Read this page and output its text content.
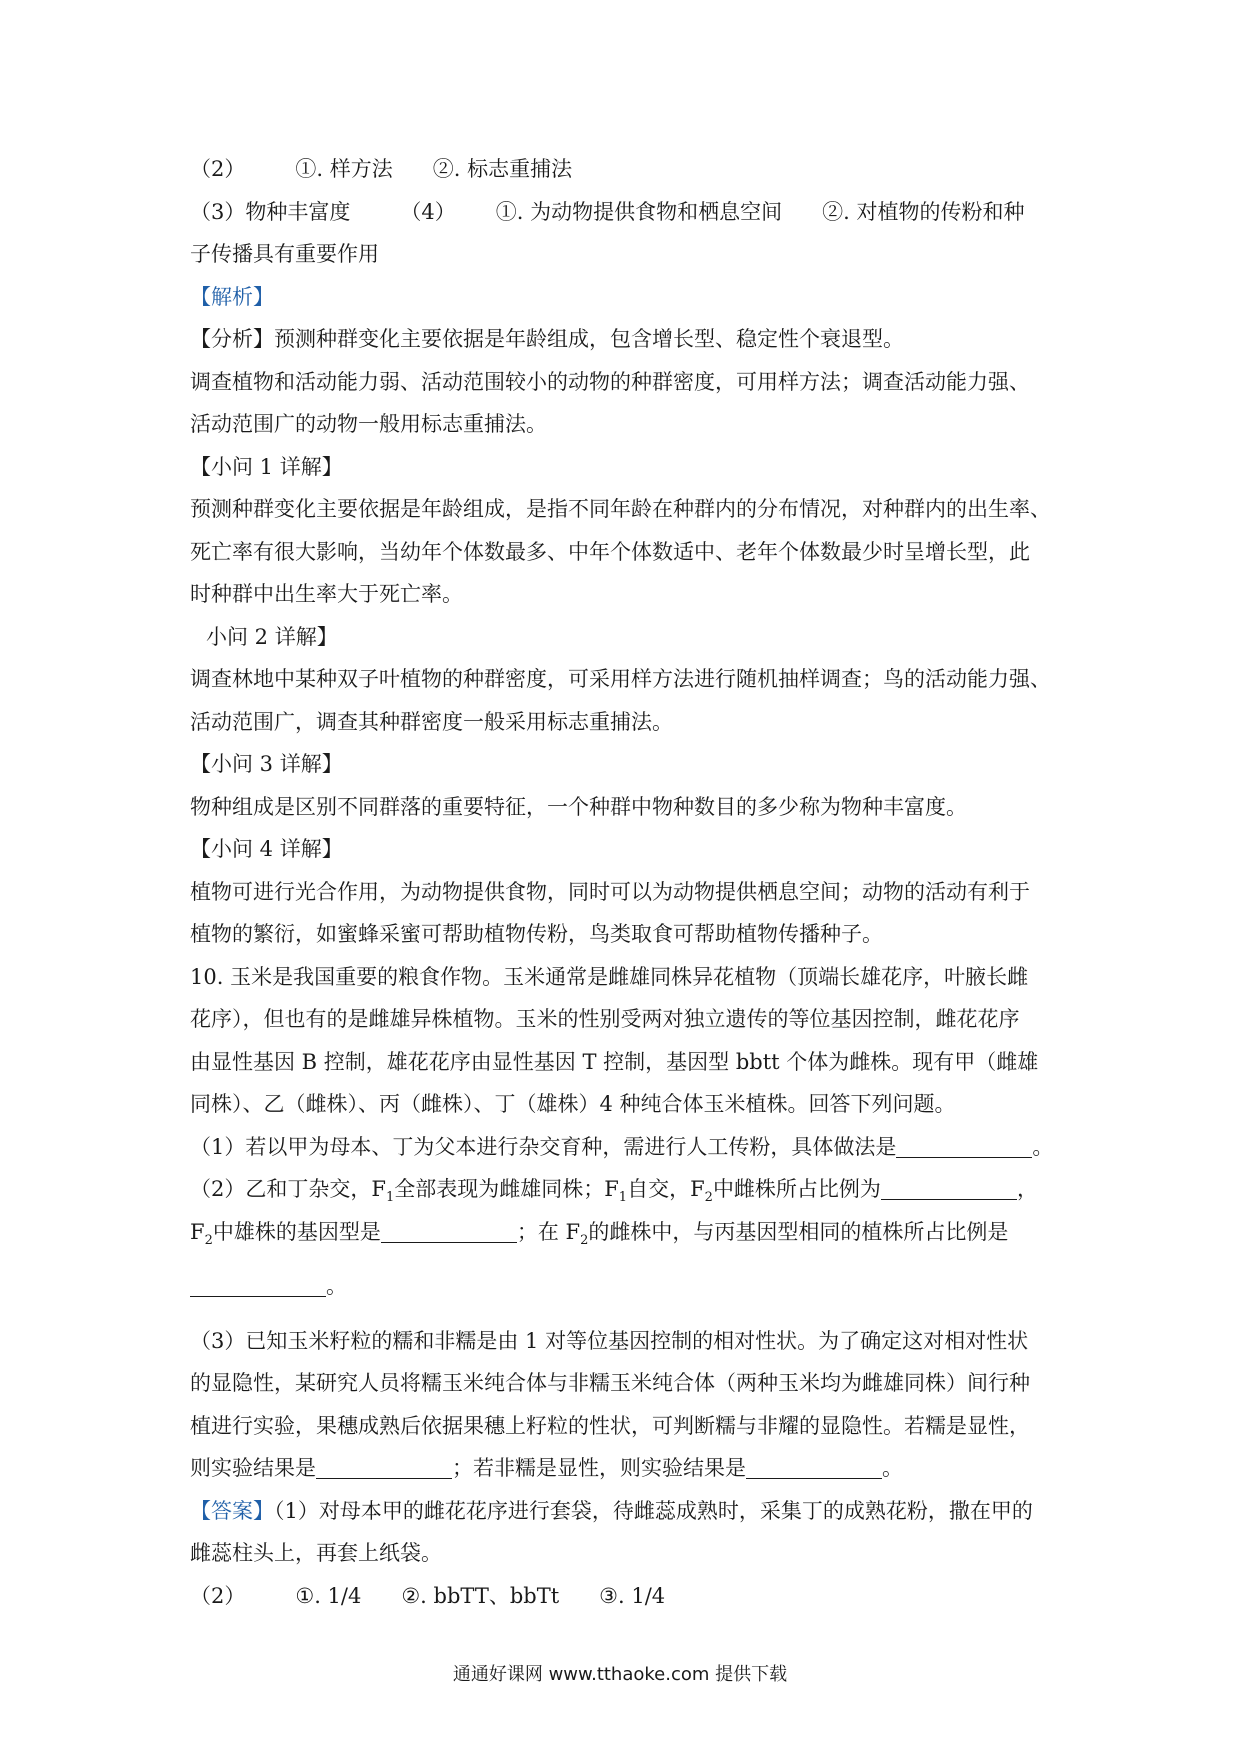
（2） ①. 样方法 ②. 标志重捕法
（3）物种丰富度 （4） ①. 为动物提供食物和栖息空间 ②. 对植物的传粉和种
子传播具有重要作用
【解析】
【分析】预测种群变化主要依据是年龄组成，包含增长型、稳定性个衰退型。
调查植物和活动能力弱、活动范围较小的动物的种群密度，可用样方法；调查活动能力强、
活动范围广的动物一般用标志重捕法。
【小问 1 详解】
预测种群变化主要依据是年龄组成，是指不同年龄在种群内的分布情况，对种群内的出生率、
死亡率有很大影响，当幼年个体数最多、中年个体数适中、老年个体数最少时呈增长型，此
时种群中出生率大于死亡率。
小问 2 详解】
调查林地中某种双子叶植物的种群密度，可采用样方法进行随机抽样调查；鸟的活动能力强、
活动范围广，调查其种群密度一般采用标志重捕法。
【小问 3 详解】
物种组成是区别不同群落的重要特征，一个种群中物种数目的多少称为物种丰富度。
【小问 4 详解】
植物可进行光合作用，为动物提供食物，同时可以为动物提供栖息空间；动物的活动有利于
植物的繁衍，如蜜蜂采蜜可帮助植物传粉，鸟类取食可帮助植物传播种子。
10. 玉米是我国重要的粮食作物。玉米通常是雌雄同株异花植物（顶端长雄花序，叶腋长雌
花序），但也有的是雌雄异株植物。玉米的性别受两对独立遗传的等位基因控制，雌花花序
由显性基因 B 控制，雄花花序由显性基因 T 控制，基因型 bbtt 个体为雌株。现有甲（雌雄
同株）、乙（雌株）、丙（雌株）、丁（雄株）4 种纯合体玉米植株。回答下列问题。
（1）若以甲为母本、丁为父本进行杂交育种，需进行人工传粉，具体做法是	。
（2）乙和丁杂交，$F_1$全部表现为雌雄同株；$F_1$自交，$F_2$中雌株所占比例为	，
$F_2$中雄株的基因型是	；在 $F_2$的雌株中，与丙基因型相同的植株所占比例是
。
（3）已知玉米籽粒的糯和非糯是由 1 对等位基因控制的相对性状。为了确定这对相对性状
的显隐性，某研究人员将糯玉米纯合体与非糯玉米纯合体（两种玉米均为雌雄同株）间行种
植进行实验，果穗成熟后依据果穗上籽粒的性状，可判断糯与非耀的显隐性。若糯是显性，
则实验结果是	；若非糯是显性，则实验结果是	。
【答案】（1）对母本甲的雌花花序进行套袋，待雌蕊成熟时，采集丁的成熟花粉，撒在甲的
雌蕊柱头上，再套上纸袋。
（2） ①. 1/4 ②. bbTT、bbTt ③. 1/4
通通好课网 www.tthaoke.com 提供下载
